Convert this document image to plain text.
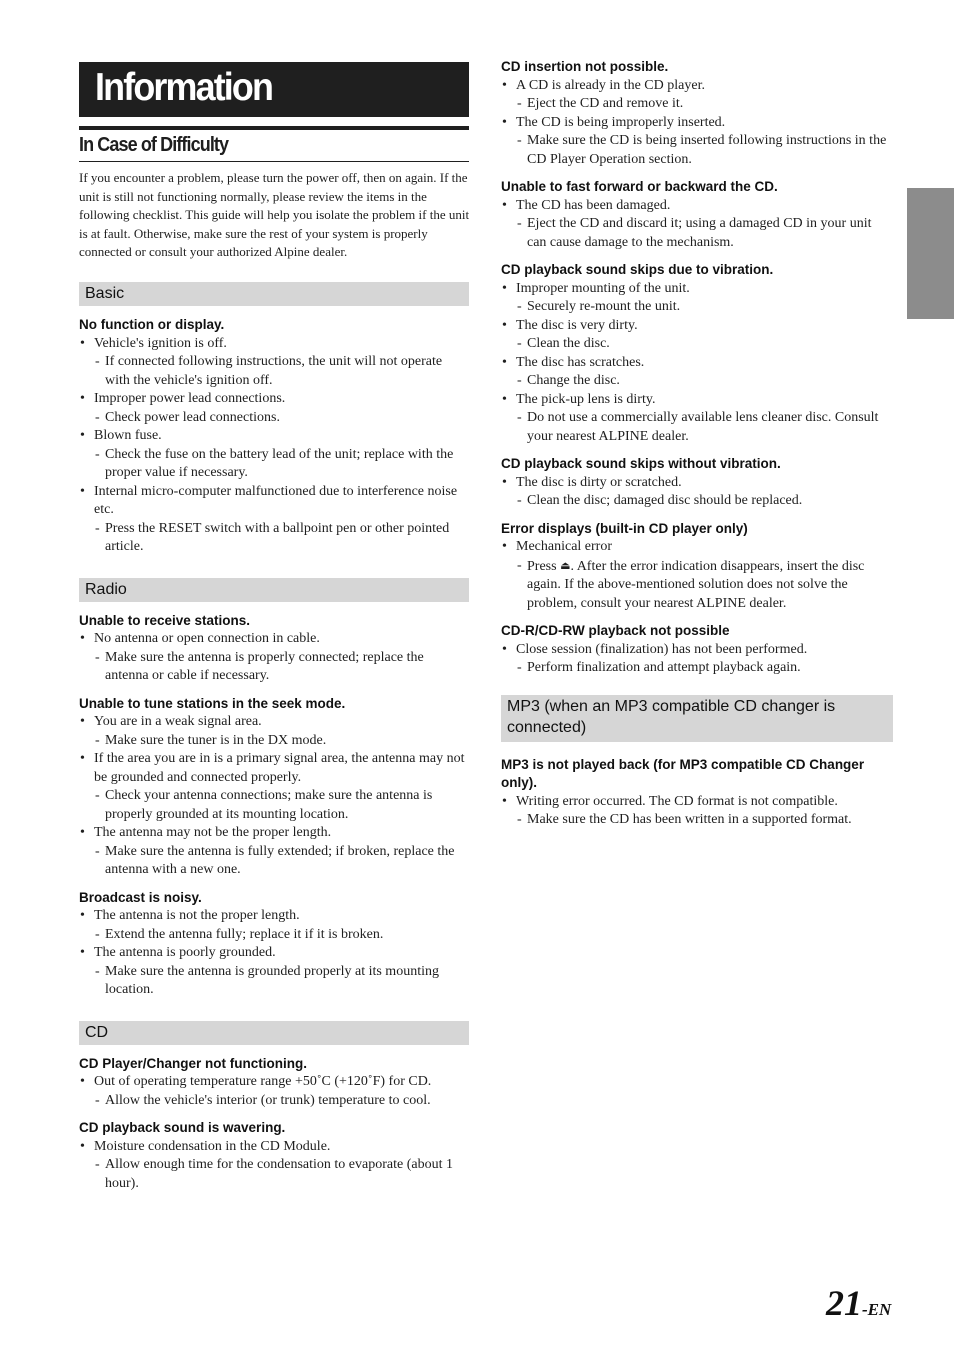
Information
In Case of Difficulty

If you encounter a problem, please turn the power off, then on again. If the unit is still not functioning normally, please review the items in the following checklist. This guide will help you isolate the problem if the unit is at fault. Otherwise, make sure the rest of your system is properly connected or consult your authorized Alpine dealer.

Basic
No function or display.
• Vehicle's ignition is off.
- If connected following instructions, the unit will not operate with the vehicle's ignition off.
• Improper power lead connections.
- Check power lead connections.
• Blown fuse.
- Check the fuse on the battery lead of the unit; replace with the proper value if necessary.
• Internal micro-computer malfunctioned due to interference noise etc.
- Press the RESET switch with a ballpoint pen or other pointed article.
Radio
Unable to receive stations.
• No antenna or open connection in cable.
- Make sure the antenna is properly connected; replace the antenna or cable if necessary.
Unable to tune stations in the seek mode.
• You are in a weak signal area.
- Make sure the tuner is in the DX mode.
• If the area you are in is a primary signal area, the antenna may not be grounded and connected properly.
- Check your antenna connections; make sure the antenna is properly grounded at its mounting location.
• The antenna may not be the proper length.
- Make sure the antenna is fully extended; if broken, replace the antenna with a new one.
Broadcast is noisy.
• The antenna is not the proper length.
- Extend the antenna fully; replace it if it is broken.
• The antenna is poorly grounded.
- Make sure the antenna is grounded properly at its mounting location.
CD
CD Player/Changer not functioning.
• Out of operating temperature range +50˚C (+120˚F) for CD.
- Allow the vehicle's interior (or trunk) temperature to cool.
CD playback sound is wavering.
• Moisture condensation in the CD Module.
- Allow enough time for the condensation to evaporate (about 1 hour).
CD insertion not possible.
• A CD is already in the CD player.
- Eject the CD and remove it.
• The CD is being improperly inserted.
- Make sure the CD is being inserted following instructions in the CD Player Operation section.
Unable to fast forward or backward the CD.
• The CD has been damaged.
- Eject the CD and discard it; using a damaged CD in your unit can cause damage to the mechanism.
CD playback sound skips due to vibration.
• Improper mounting of the unit.
- Securely re-mount the unit.
• The disc is very dirty.
- Clean the disc.
• The disc has scratches.
- Change the disc.
• The pick-up lens is dirty.
- Do not use a commercially available lens cleaner disc. Consult your nearest ALPINE dealer.
CD playback sound skips without vibration.
• The disc is dirty or scratched.
- Clean the disc; damaged disc should be replaced.
Error displays (built-in CD player only)
• Mechanical error
- Press ⏏. After the error indication disappears, insert the disc again. If the above-mentioned solution does not solve the problem, consult your nearest ALPINE dealer.
CD-R/CD-RW playback not possible
• Close session (finalization) has not been performed.
- Perform finalization and attempt playback again.
MP3 (when an MP3 compatible CD changer is connected)
MP3 is not played back (for MP3 compatible CD Changer only).
• Writing error occurred. The CD format is not compatible.
- Make sure the CD has been written in a supported format.
21-EN
